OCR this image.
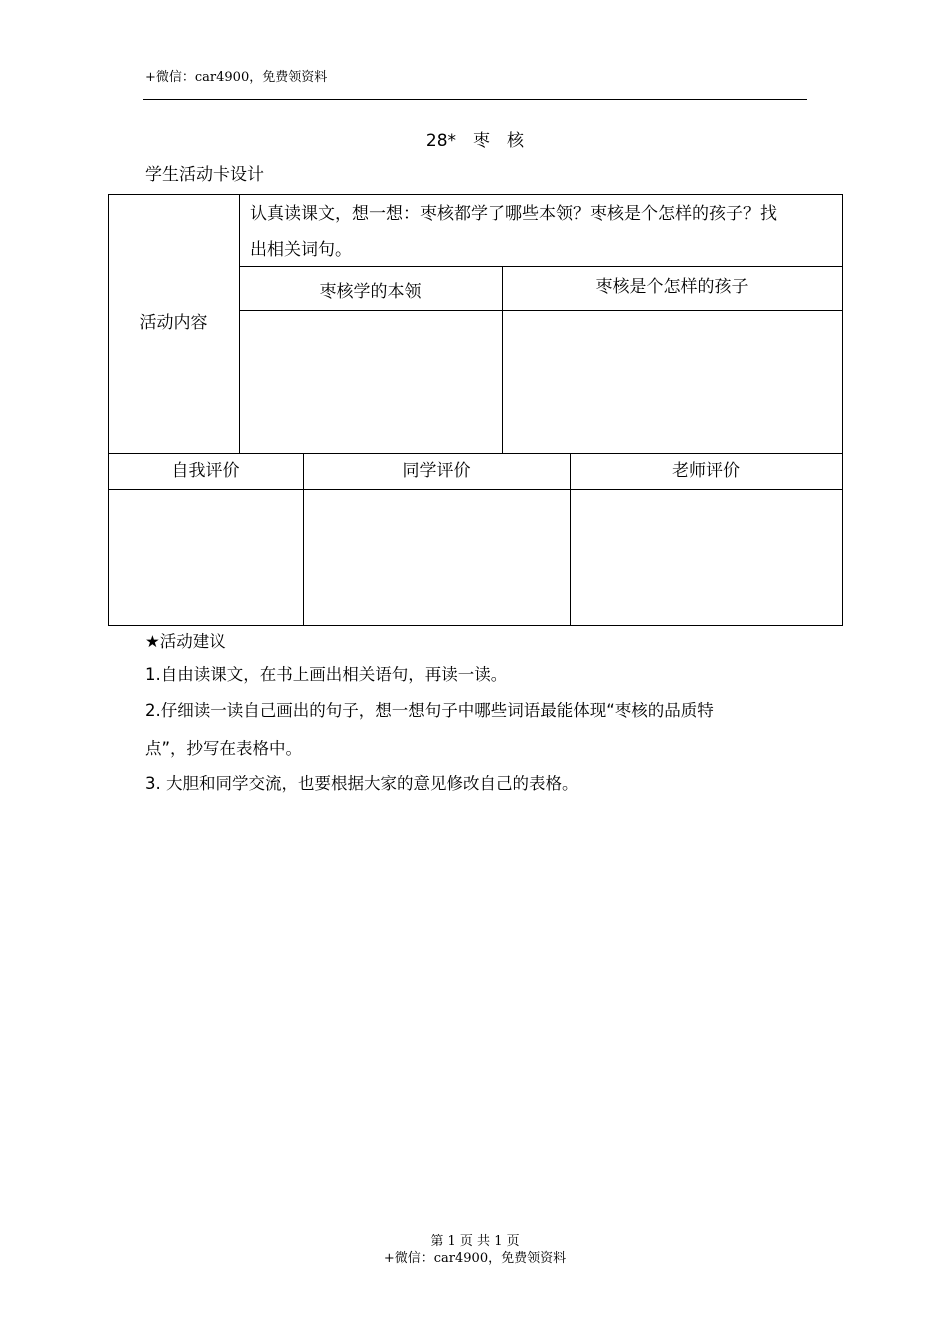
+微信：car4900，免费领资料
28*　枣　核
学生活动卡设计
活动内容
认真读课文，想一想：枣核都学了哪些本领？枣核是个怎样的孩子？找
出相关词句。
枣核学的本领	枣核是个怎样的孩子
自我评价	同学评价	老师评价
★活动建议
1.自由读课文，在书上画出相关语句，再读一读。
2.仔细读一读自己画出的句子，想一想句子中哪些词语最能体现“枣核的品质特
点”，抄写在表格中。
3. 大胆和同学交流，也要根据大家的意见修改自己的表格。
第 1 页 共 1 页
+微信：car4900，免费领资料
